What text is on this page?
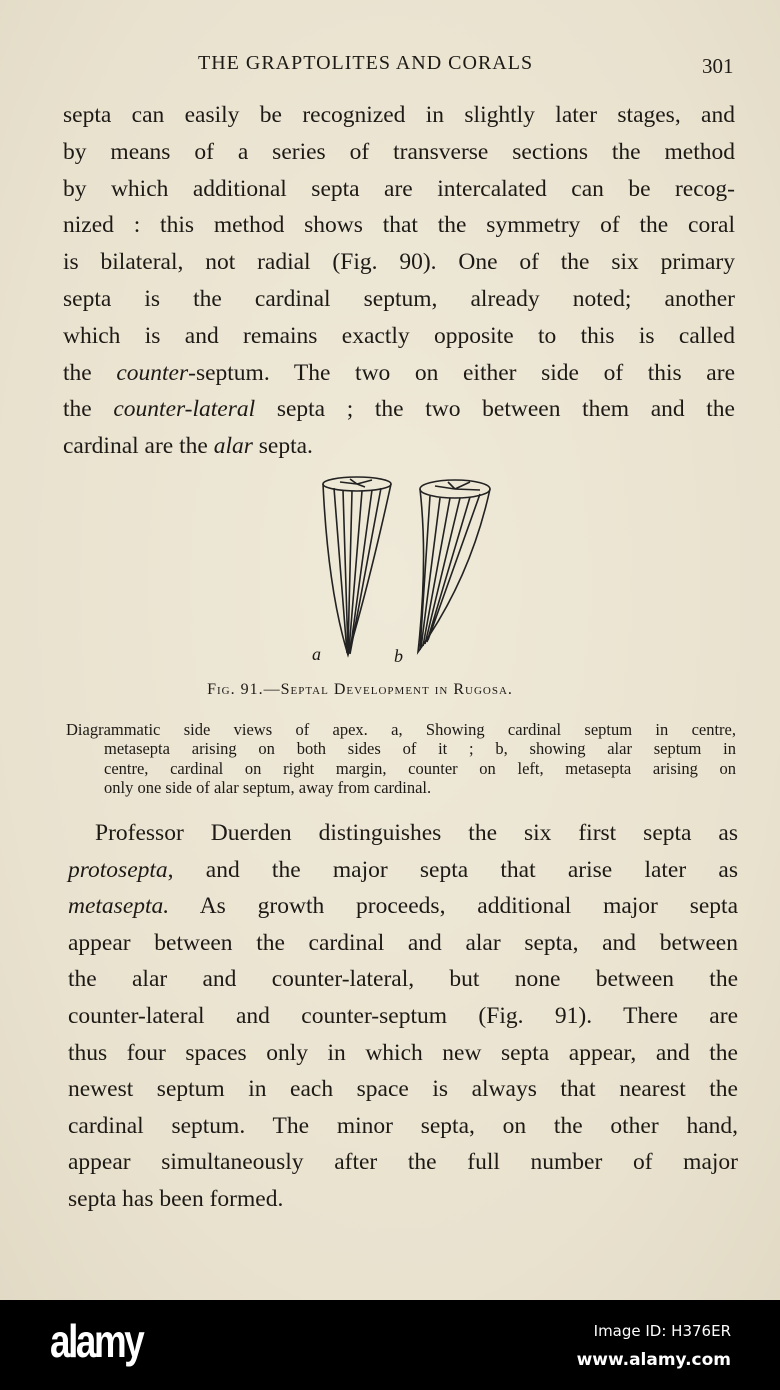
THE GRAPTOLITES AND CORALS	301
septa can easily be recognized in slightly later stages, and
by means of a series of transverse sections the method
by which additional septa are intercalated can be recog-
nized : this method shows that the symmetry of the coral
is bilateral, not radial (Fig. 90). One of the six primary
septa is the cardinal septum, already noted; another
which is and remains exactly opposite to this is called
the counter-septum. The two on either side of this are
the counter-lateral septa ; the two between them and the
cardinal are the alar septa.
a	b
Fig. 91.—Septal Development in Rugosa.
Diagrammatic side views of apex. a, Showing cardinal septum in centre,
metasepta arising on both sides of it ; b, showing alar septum in
centre, cardinal on right margin, counter on left, metasepta arising on
only one side of alar septum, away from cardinal.
Professor Duerden distinguishes the six first septa as
protosepta, and the major septa that arise later as
metasepta. As growth proceeds, additional major septa
appear between the cardinal and alar septa, and between
the alar and counter-lateral, but none between the
counter-lateral and counter-septum (Fig. 91). There are
thus four spaces only in which new septa appear, and the
newest septum in each space is always that nearest the
cardinal septum. The minor septa, on the other hand,
appear simultaneously after the full number of major
septa has been formed.
alamy	Image ID: H376ER
www.alamy.com
